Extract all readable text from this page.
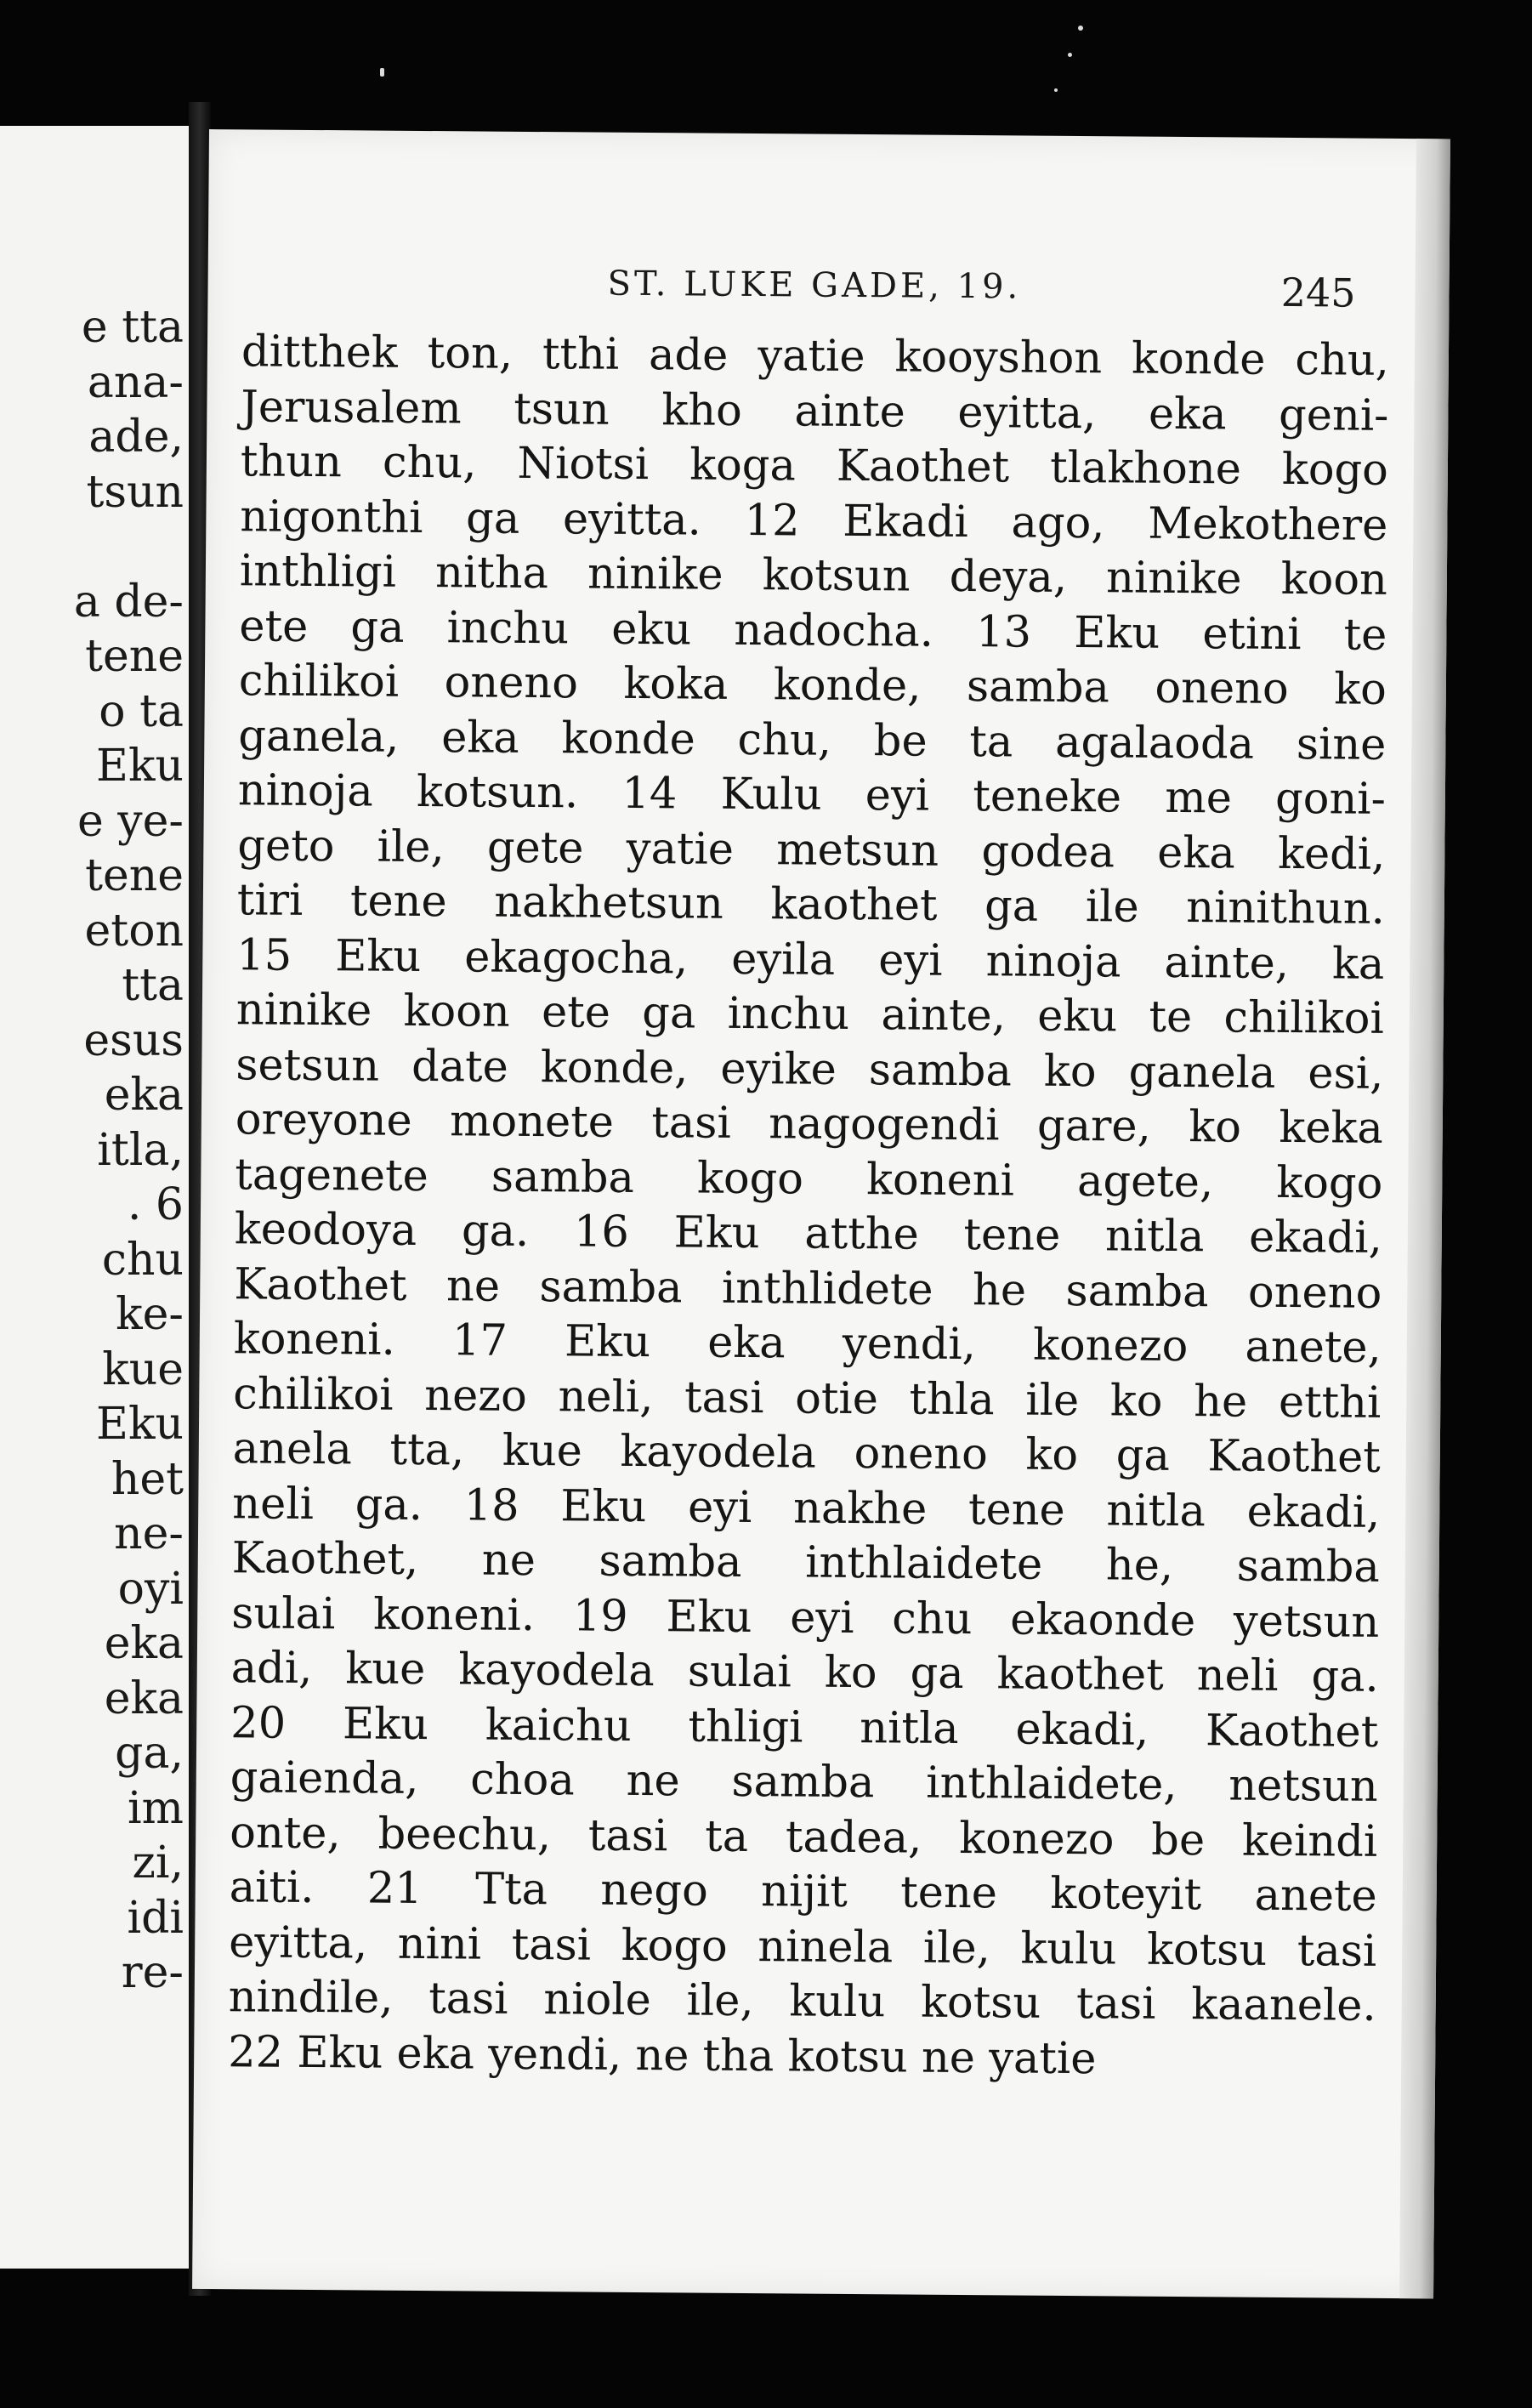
e tta
ana-
ade,
tsun
a de-
tene
o ta
Eku
e ye-
tene
eton
tta
esus
eka
itla,
. 6
chu
ke-
kue
Eku
het
ne-
oyi
eka
eka
ga,
im
zi,
idi
re-
ST. LUKE GADE, 19.	245
ditthek ton, tthi ade yatie kooyshon konde chu,
Jerusalem tsun kho ainte eyitta, eka geni-
thun chu, Niotsi koga Kaothet tlakhone kogo
nigonthi ga eyitta. 12 Ekadi ago, Mekothere
inthligi nitha ninike kotsun deya, ninike koon
ete ga inchu eku nadocha. 13 Eku etini te
chilikoi oneno koka konde, samba oneno ko
ganela, eka konde chu, be ta agalaoda sine
ninoja kotsun. 14 Kulu eyi teneke me goni-
geto ile, gete yatie metsun godea eka kedi,
tiri tene nakhetsun kaothet ga ile ninithun.
15 Eku ekagocha, eyila eyi ninoja ainte, ka
ninike koon ete ga inchu ainte, eku te chilikoi
setsun date konde, eyike samba ko ganela esi,
oreyone monete tasi nagogendi gare, ko keka
tagenete samba kogo koneni agete, kogo
keodoya ga. 16 Eku atthe tene nitla ekadi,
Kaothet ne samba inthlidete he samba oneno
koneni. 17 Eku eka yendi, konezo anete,
chilikoi nezo neli, tasi otie thla ile ko he etthi
anela tta, kue kayodela oneno ko ga Kaothet
neli ga. 18 Eku eyi nakhe tene nitla ekadi,
Kaothet, ne samba inthlaidete he, samba
sulai koneni. 19 Eku eyi chu ekaonde yetsun
adi, kue kayodela sulai ko ga kaothet neli ga.
20 Eku kaichu thligi nitla ekadi, Kaothet
gaienda, choa ne samba inthlaidete, netsun
onte, beechu, tasi ta tadea, konezo be keindi
aiti. 21 Tta nego nijit tene koteyit anete
eyitta, nini tasi kogo ninela ile, kulu kotsu tasi
nindile, tasi niole ile, kulu kotsu tasi kaanele.
22 Eku eka yendi, ne tha kotsu ne yatie
